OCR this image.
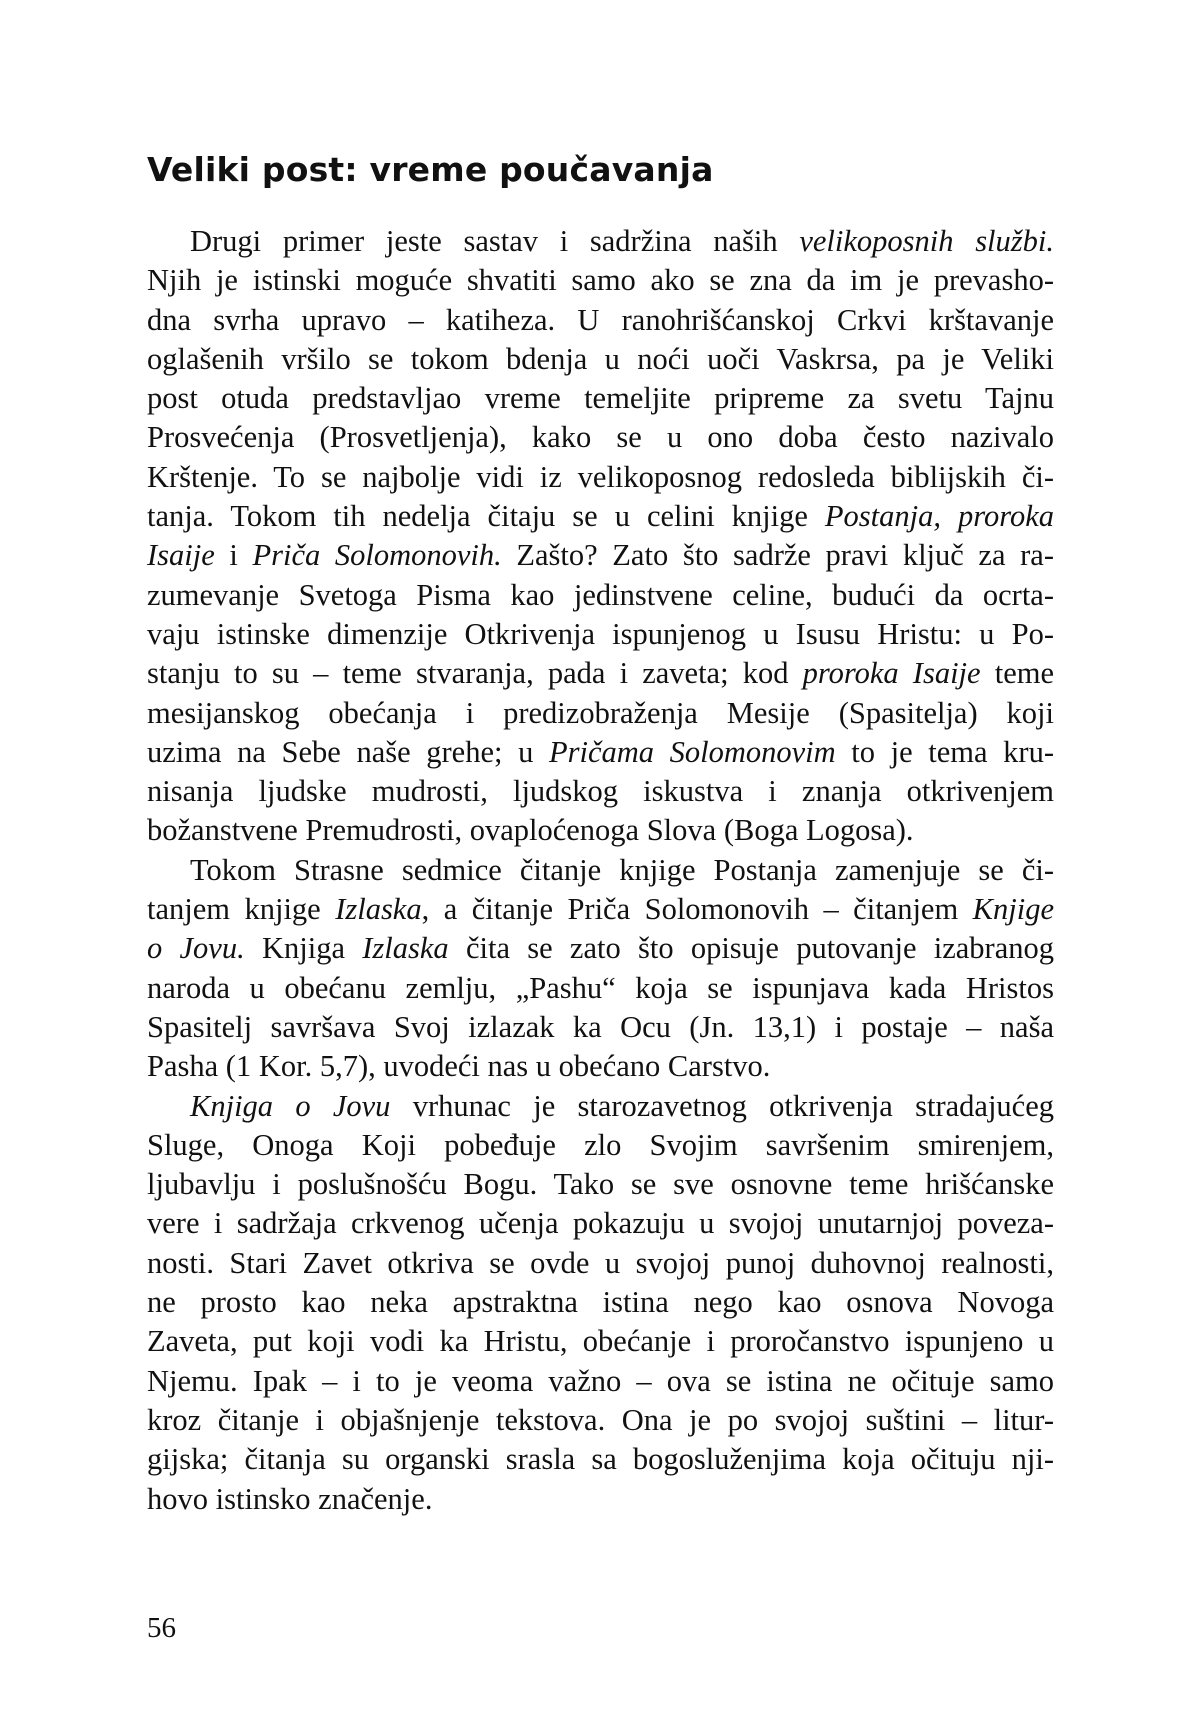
Veliki post: vreme poučavanja
Drugi primer jeste sastav i sadržina naših velikoposnih službi.
Njih je istinski moguće shvatiti samo ako se zna da im je prevasho-
dna svrha upravo – katiheza. U ranohrišćanskoj Crkvi krštavanje
oglašenih vršilo se tokom bdenja u noći uoči Vaskrsa, pa je Veliki
post otuda predstavljao vreme temeljite pripreme za svetu Tajnu
Prosvećenja (Prosvetljenja), kako se u ono doba često nazivalo
Krštenje. To se najbolje vidi iz velikoposnog redosleda biblijskih či-
tanja. Tokom tih nedelja čitaju se u celini knjige Postanja, proroka
Isaije i Priča Solomonovih. Zašto? Zato što sadrže pravi ključ za ra-
zumevanje Svetoga Pisma kao jedinstvene celine, budući da ocrta-
vaju istinske dimenzije Otkrivenja ispunjenog u Isusu Hristu: u Po-
stanju to su – teme stvaranja, pada i zaveta; kod proroka Isaije teme
mesijanskog obećanja i predizobraženja Mesije (Spasitelja) koji
uzima na Sebe naše grehe; u Pričama Solomonovim to je tema kru-
nisanja ljudske mudrosti, ljudskog iskustva i znanja otkrivenjem
božanstvene Premudrosti, ovaploćenoga Slova (Boga Logosa).
Tokom Strasne sedmice čitanje knjige Postanja zamenjuje se či-
tanjem knjige Izlaska, a čitanje Priča Solomonovih – čitanjem Knjige
o Jovu. Knjiga Izlaska čita se zato što opisuje putovanje izabranog
naroda u obećanu zemlju, „Pashu“ koja se ispunjava kada Hristos
Spasitelj savršava Svoj izlazak ka Ocu (Jn. 13,1) i postaje – naša
Pasha (1 Kor. 5,7), uvodeći nas u obećano Carstvo.
Knjiga o Jovu vrhunac je starozavetnog otkrivenja stradajućeg
Sluge, Onoga Koji pobeđuje zlo Svojim savršenim smirenjem,
ljubavlju i poslušnošću Bogu. Tako se sve osnovne teme hrišćanske
vere i sadržaja crkvenog učenja pokazuju u svojoj unutarnjoj poveza-
nosti. Stari Zavet otkriva se ovde u svojoj punoj duhovnoj realnosti,
ne prosto kao neka apstraktna istina nego kao osnova Novoga
Zaveta, put koji vodi ka Hristu, obećanje i proročanstvo ispunjeno u
Njemu. Ipak – i to je veoma važno – ova se istina ne očituje samo
kroz čitanje i objašnjenje tekstova. Ona je po svojoj suštini – litur-
gijska; čitanja su organski srasla sa bogosluženjima koja očituju nji-
hovo istinsko značenje.
56
